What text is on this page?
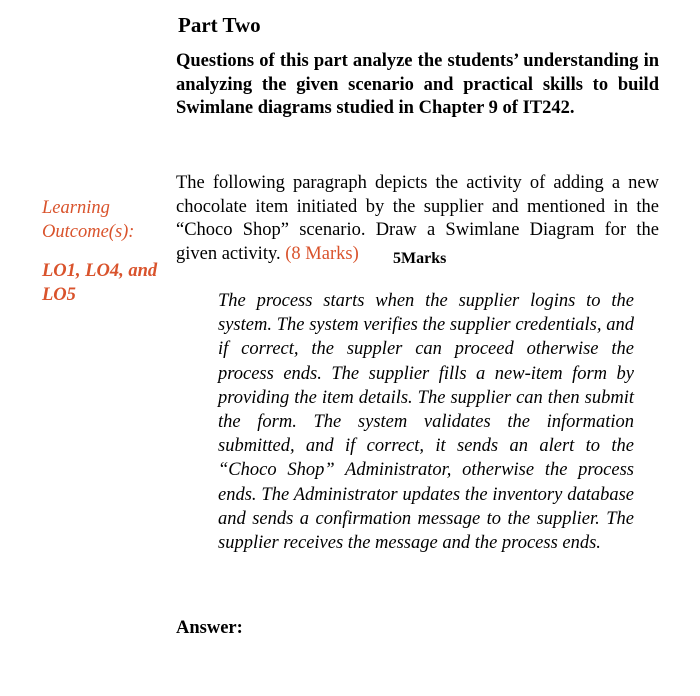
Part Two
Questions of this part analyze the students’ understanding in analyzing the given scenario and practical skills to build Swimlane diagrams studied in Chapter 9 of IT242.
Learning Outcome(s):
LO1, LO4, and LO5
The following paragraph depicts the activity of adding a new chocolate item initiated by the supplier and mentioned in the “Choco Shop” scenario. Draw a Swimlane Diagram for the given activity. (8 Marks)	5Marks
The process starts when the supplier logins to the system. The system verifies the supplier credentials, and if correct, the suppler can proceed otherwise the process ends. The supplier fills a new-item form by providing the item details. The supplier can then submit the form. The system validates the information submitted, and if correct, it sends an alert to the “Choco Shop” Administrator, otherwise the process ends. The Administrator updates the inventory database and sends a confirmation message to the supplier. The supplier receives the message and the process ends.
Answer:
